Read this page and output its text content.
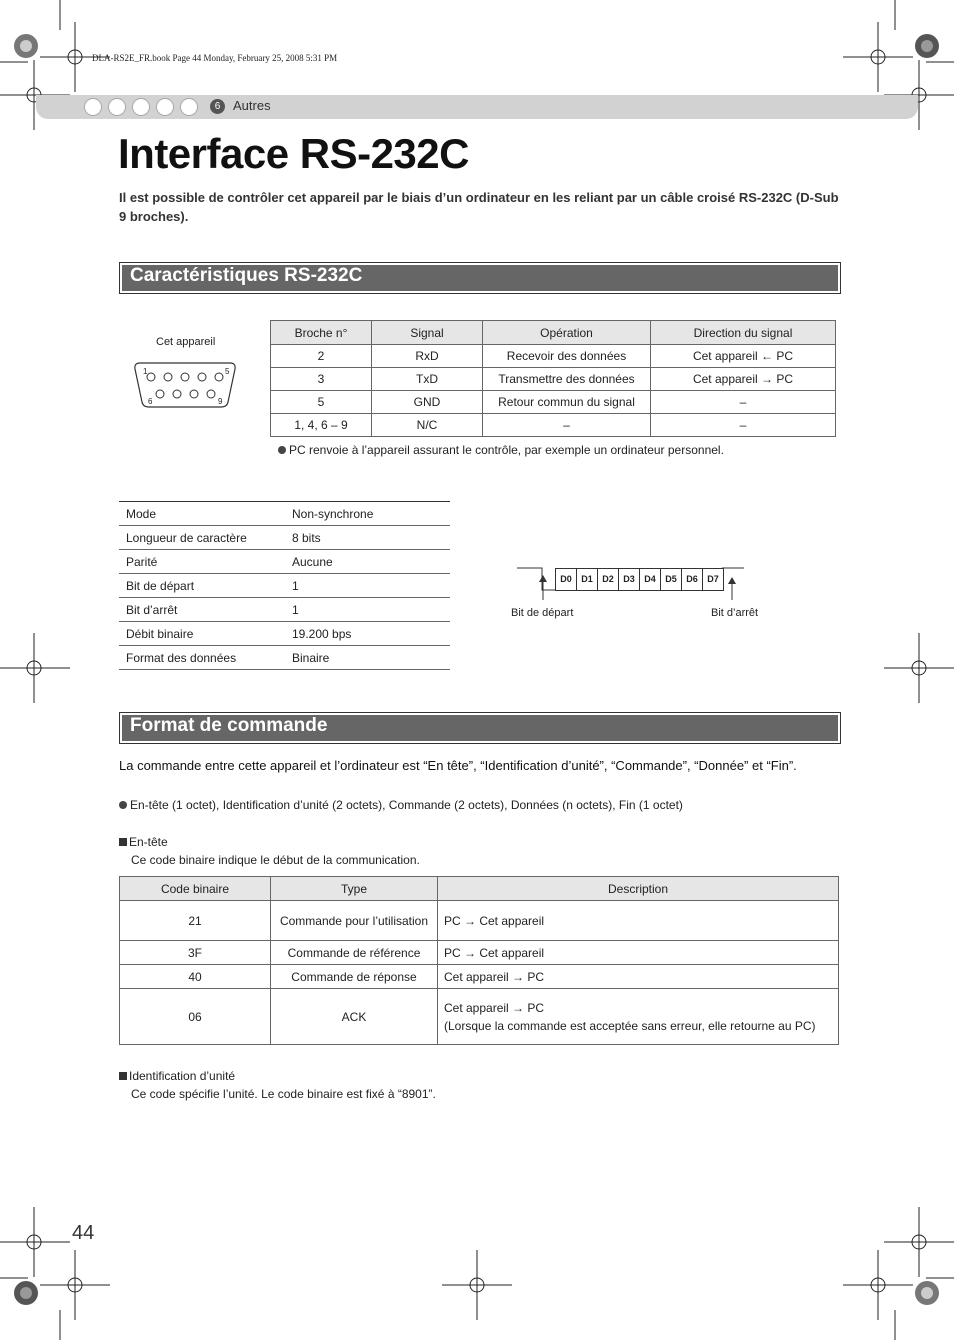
DLA-RS2E_FR.book Page 44 Monday, February 25, 2008 5:31 PM
6 Autres
Interface RS-232C
Il est possible de contrôler cet appareil par le biais d’un ordinateur en les reliant par un câble croisé RS-232C (D-Sub 9 broches).
Caractéristiques RS-232C
Cet appareil
1	5
6	9
Broche n°	Signal	Opération	Direction du signal
2	RxD	Recevoir des données	Cet appareil ← PC
3	TxD	Transmettre des données	Cet appareil → PC
5	GND	Retour commun du signal	–
1, 4, 6 – 9	N/C	–	–
PC renvoie à l’appareil assurant le contrôle, par exemple un ordinateur personnel.
Mode	Non-synchrone
Longueur de caractère	8 bits
Parité	Aucune
Bit de départ	1
Bit d’arrêt	1
Débit binaire	19.200 bps
Format des données	Binaire
D0	D1	D2	D3	D4	D5	D6	D7
Bit de départ	Bit d’arrêt
Format de commande
La commande entre cette appareil et l’ordinateur est “En tête”, “Identification d’unité”, “Commande”, “Donnée” et “Fin”.
En-tête (1 octet), Identification d’unité (2 octets), Commande (2 octets), Données (n octets), Fin (1 octet)
En-tête
Ce code binaire indique le début de la communication.
Code binaire	Type	Description
21	Commande pour l’utilisation	PC → Cet appareil
3F	Commande de référence	PC → Cet appareil
40	Commande de réponse	Cet appareil → PC
06	ACK	Cet appareil → PC
(Lorsque la commande est acceptée sans erreur, elle retourne au PC)
Identification d’unité
Ce code spécifie l’unité. Le code binaire est fixé à “8901”.
44
